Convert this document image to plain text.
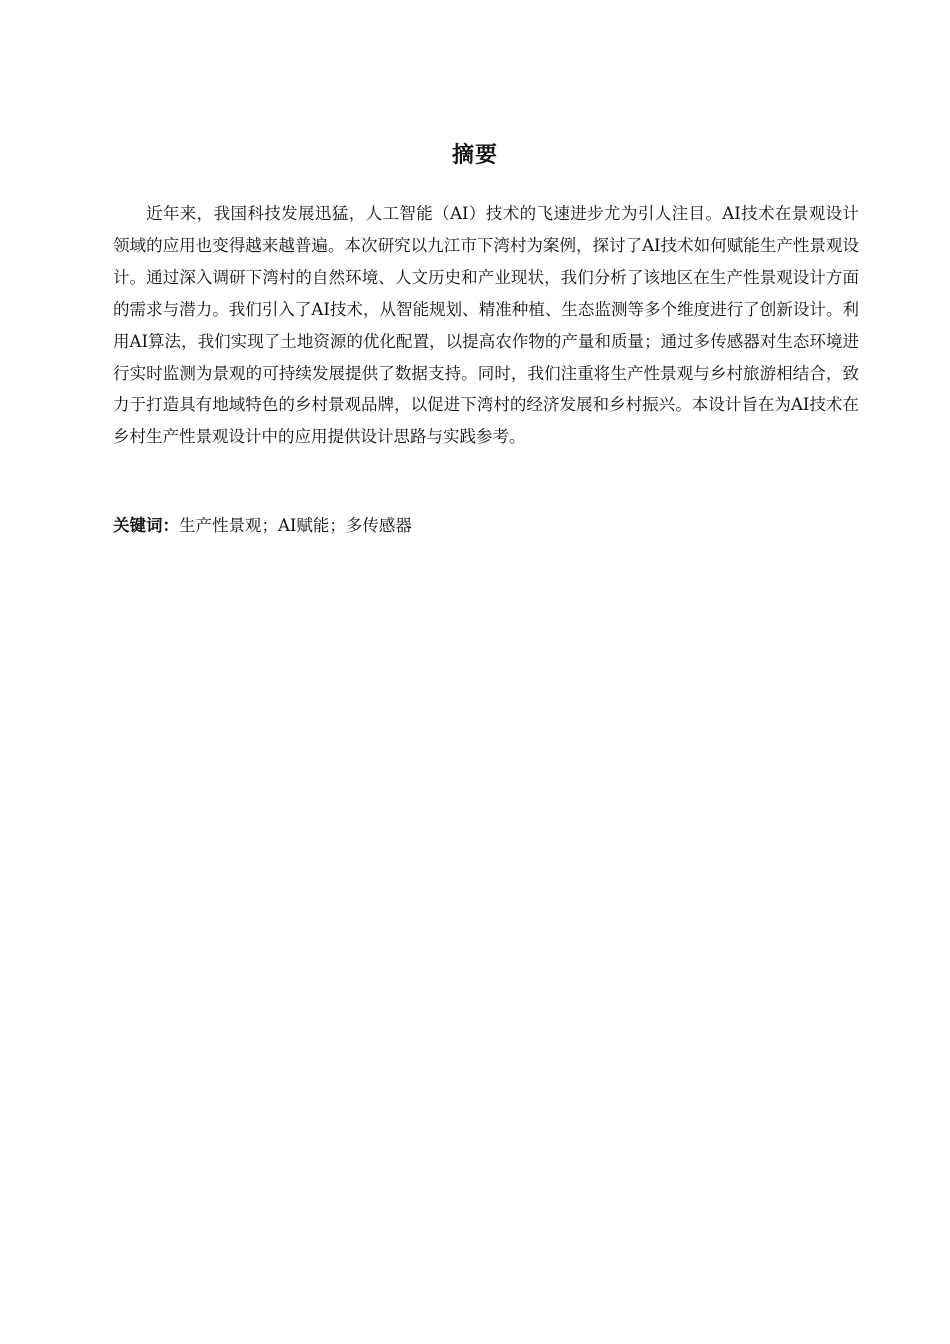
摘要

近年来，我国科技发展迅猛，人工智能（AI）技术的飞速进步尤为引人注目。AI技术在景观设计领域的应用也变得越来越普遍。本次研究以九江市下湾村为案例，探讨了AI技术如何赋能生产性景观设计。通过深入调研下湾村的自然环境、人文历史和产业现状，我们分析了该地区在生产性景观设计方面的需求与潜力。我们引入了AI技术，从智能规划、精准种植、生态监测等多个维度进行了创新设计。利用AI算法，我们实现了土地资源的优化配置，以提高农作物的产量和质量；通过多传感器对生态环境进行实时监测为景观的可持续发展提供了数据支持。同时，我们注重将生产性景观与乡村旅游相结合，致力于打造具有地域特色的乡村景观品牌，以促进下湾村的经济发展和乡村振兴。本设计旨在为AI技术在乡村生产性景观设计中的应用提供设计思路与实践参考。

关键词：生产性景观；AI赋能；多传感器
